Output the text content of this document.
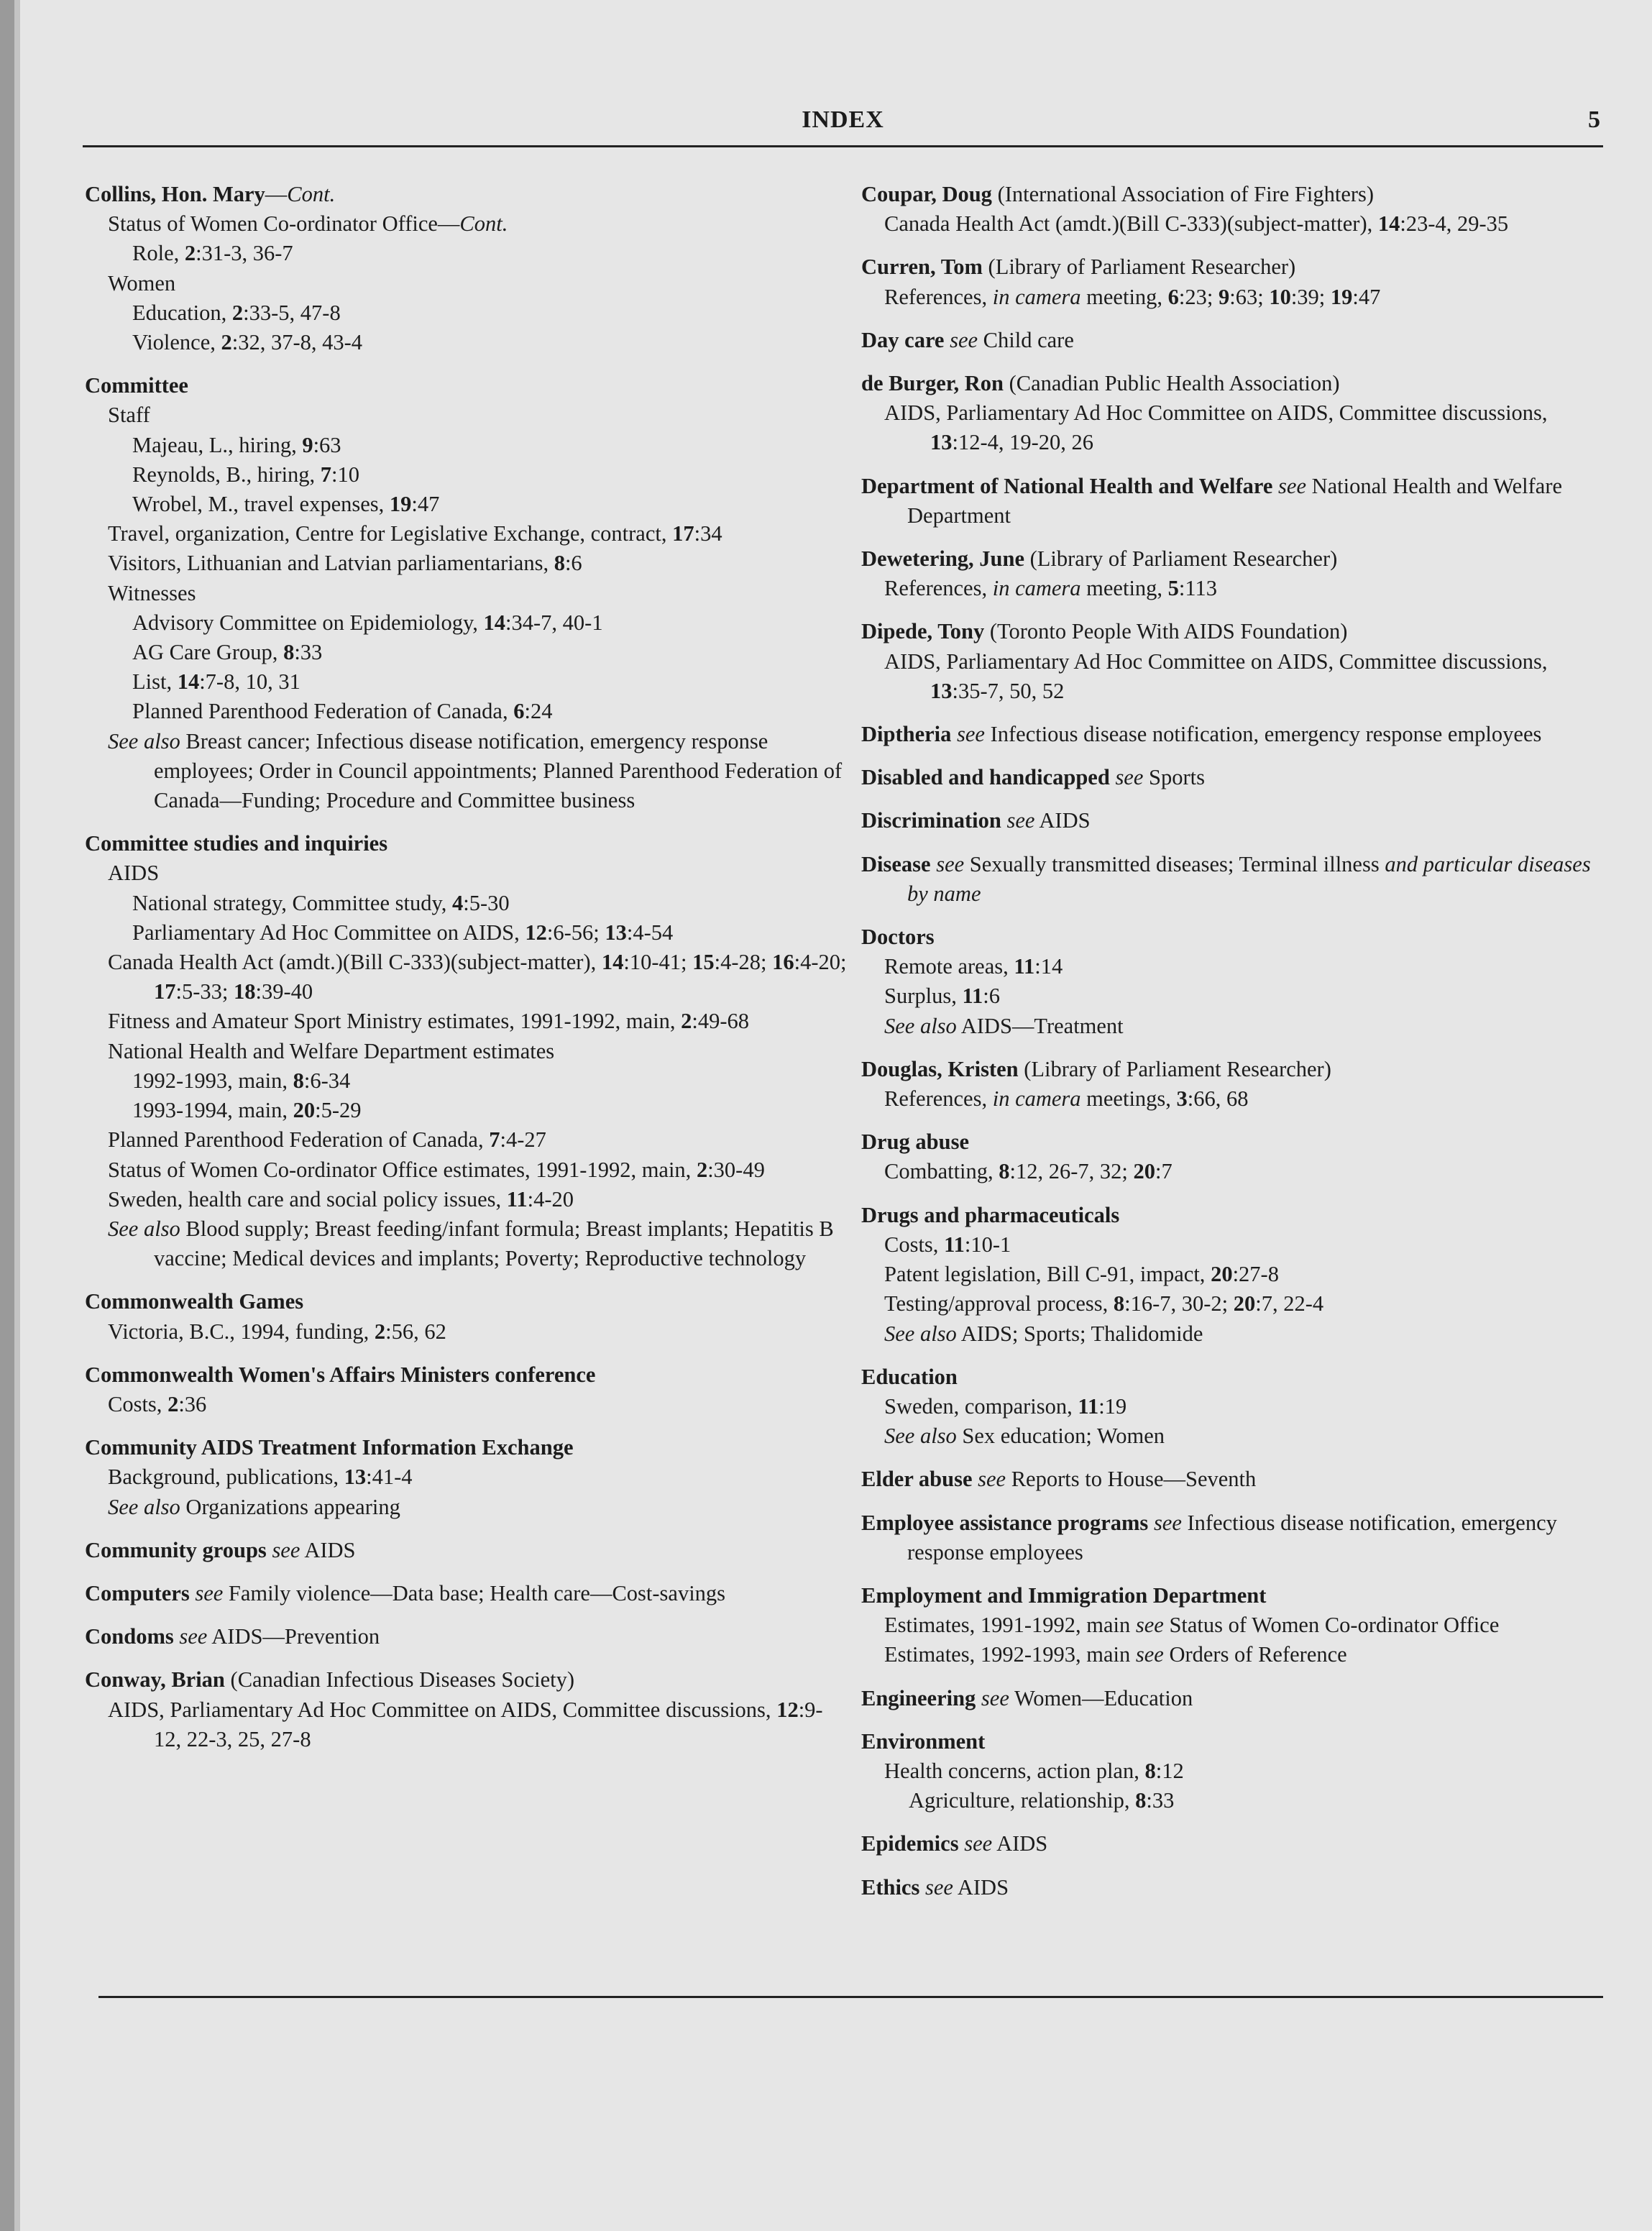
INDEX	5
Collins, Hon. Mary—Cont.
Status of Women Co-ordinator Office—Cont.
Role, 2:31-3, 36-7
Women
Education, 2:33-5, 47-8
Violence, 2:32, 37-8, 43-4
Committee
Staff
Majeau, L., hiring, 9:63
Reynolds, B., hiring, 7:10
Wrobel, M., travel expenses, 19:47
Travel, organization, Centre for Legislative Exchange, contract, 17:34
Visitors, Lithuanian and Latvian parliamentarians, 8:6
Witnesses
Advisory Committee on Epidemiology, 14:34-7, 40-1
AG Care Group, 8:33
List, 14:7-8, 10, 31
Planned Parenthood Federation of Canada, 6:24
See also Breast cancer; Infectious disease notification, emergency response employees; Order in Council appointments; Planned Parenthood Federation of Canada—Funding; Procedure and Committee business
Committee studies and inquiries
AIDS
National strategy, Committee study, 4:5-30
Parliamentary Ad Hoc Committee on AIDS, 12:6-56; 13:4-54
Canada Health Act (amdt.)(Bill C-333)(subject-matter), 14:10-41; 15:4-28; 16:4-20; 17:5-33; 18:39-40
Fitness and Amateur Sport Ministry estimates, 1991-1992, main, 2:49-68
National Health and Welfare Department estimates
1992-1993, main, 8:6-34
1993-1994, main, 20:5-29
Planned Parenthood Federation of Canada, 7:4-27
Status of Women Co-ordinator Office estimates, 1991-1992, main, 2:30-49
Sweden, health care and social policy issues, 11:4-20
See also Blood supply; Breast feeding/infant formula; Breast implants; Hepatitis B vaccine; Medical devices and implants; Poverty; Reproductive technology
Commonwealth Games
Victoria, B.C., 1994, funding, 2:56, 62
Commonwealth Women's Affairs Ministers conference
Costs, 2:36
Community AIDS Treatment Information Exchange
Background, publications, 13:41-4
See also Organizations appearing
Community groups see AIDS
Computers see Family violence—Data base; Health care—Cost-savings
Condoms see AIDS—Prevention
Conway, Brian (Canadian Infectious Diseases Society)
AIDS, Parliamentary Ad Hoc Committee on AIDS, Committee discussions, 12:9-12, 22-3, 25, 27-8
Coupar, Doug (International Association of Fire Fighters)
Canada Health Act (amdt.)(Bill C-333)(subject-matter), 14:23-4, 29-35
Curren, Tom (Library of Parliament Researcher)
References, in camera meeting, 6:23; 9:63; 10:39; 19:47
Day care see Child care
de Burger, Ron (Canadian Public Health Association)
AIDS, Parliamentary Ad Hoc Committee on AIDS, Committee discussions, 13:12-4, 19-20, 26
Department of National Health and Welfare see National Health and Welfare Department
Dewetering, June (Library of Parliament Researcher)
References, in camera meeting, 5:113
Dipede, Tony (Toronto People With AIDS Foundation)
AIDS, Parliamentary Ad Hoc Committee on AIDS, Committee discussions, 13:35-7, 50, 52
Diptheria see Infectious disease notification, emergency response employees
Disabled and handicapped see Sports
Discrimination see AIDS
Disease see Sexually transmitted diseases; Terminal illness and particular diseases by name
Doctors
Remote areas, 11:14
Surplus, 11:6
See also AIDS—Treatment
Douglas, Kristen (Library of Parliament Researcher)
References, in camera meetings, 3:66, 68
Drug abuse
Combatting, 8:12, 26-7, 32; 20:7
Drugs and pharmaceuticals
Costs, 11:10-1
Patent legislation, Bill C-91, impact, 20:27-8
Testing/approval process, 8:16-7, 30-2; 20:7, 22-4
See also AIDS; Sports; Thalidomide
Education
Sweden, comparison, 11:19
See also Sex education; Women
Elder abuse see Reports to House—Seventh
Employee assistance programs see Infectious disease notification, emergency response employees
Employment and Immigration Department
Estimates, 1991-1992, main see Status of Women Co-ordinator Office
Estimates, 1992-1993, main see Orders of Reference
Engineering see Women—Education
Environment
Health concerns, action plan, 8:12
Agriculture, relationship, 8:33
Epidemics see AIDS
Ethics see AIDS
